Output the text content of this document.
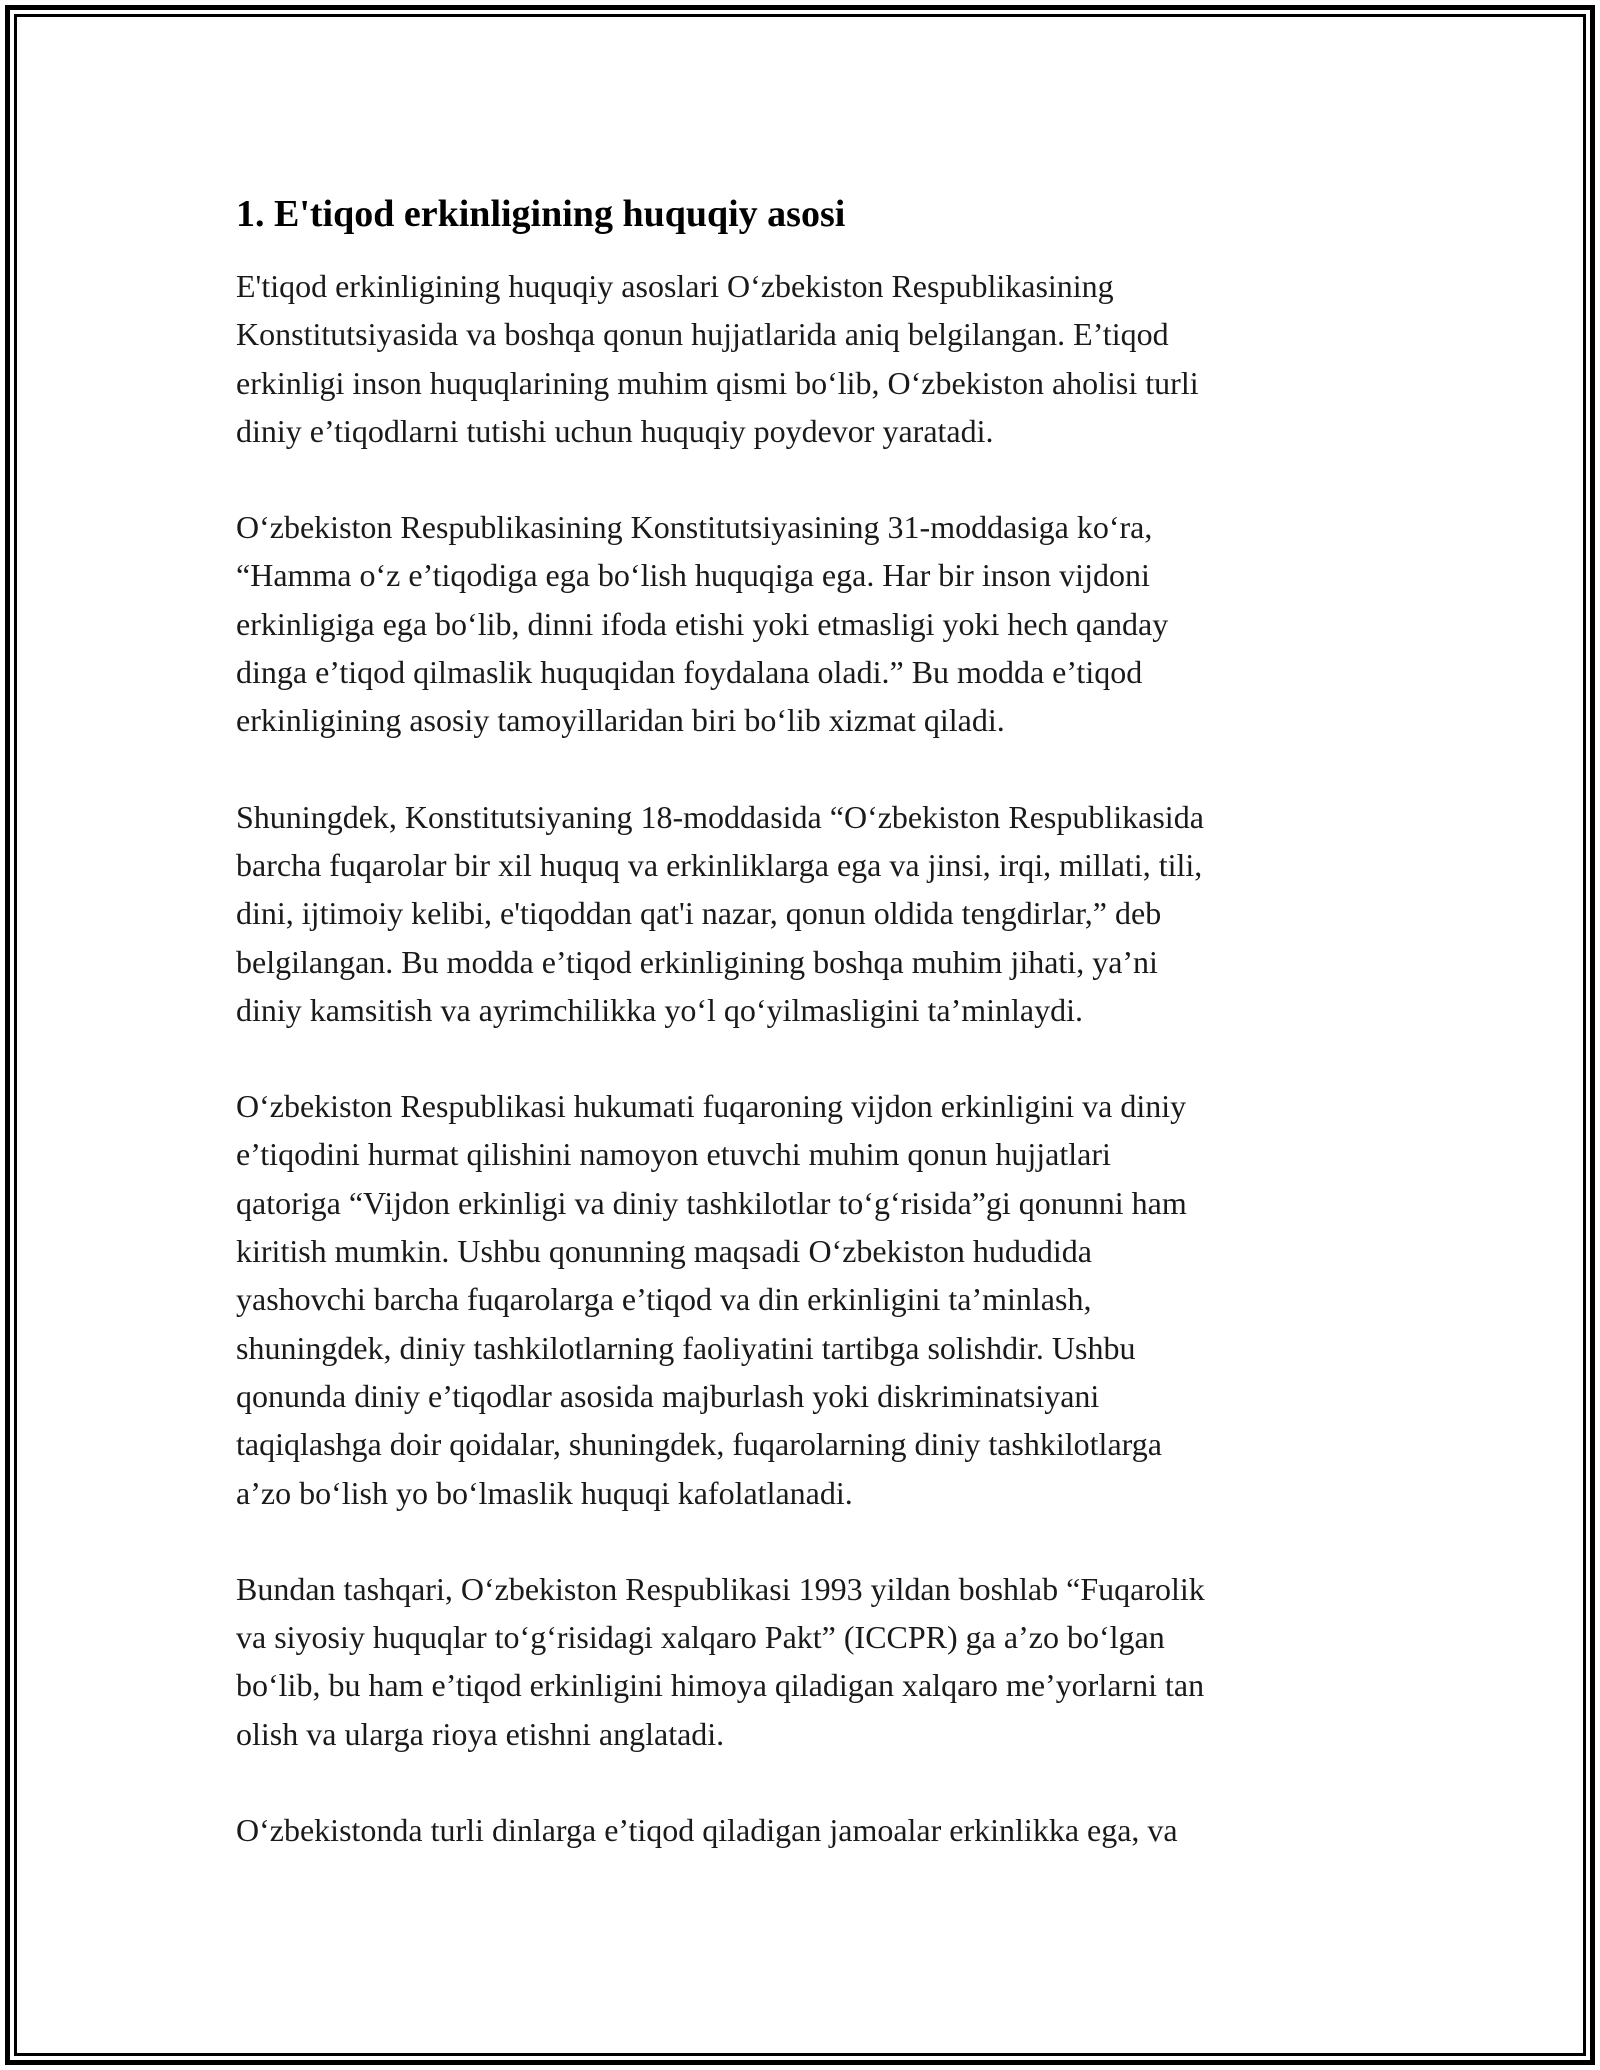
1. E'tiqod erkinligining huquqiy asosi
E'tiqod erkinligining huquqiy asoslari O‘zbekiston Respublikasining
Konstitutsiyasida va boshqa qonun hujjatlarida aniq belgilangan. E’tiqod
erkinligi inson huquqlarining muhim qismi bo‘lib, O‘zbekiston aholisi turli
diniy e’tiqodlarni tutishi uchun huquqiy poydevor yaratadi.
O‘zbekiston Respublikasining Konstitutsiyasining 31-moddasiga ko‘ra,
“Hamma o‘z e’tiqodiga ega bo‘lish huquqiga ega. Har bir inson vijdoni
erkinligiga ega bo‘lib, dinni ifoda etishi yoki etmasligi yoki hech qanday
dinga e’tiqod qilmaslik huquqidan foydalana oladi.” Bu modda e’tiqod
erkinligining asosiy tamoyillaridan biri bo‘lib xizmat qiladi.
Shuningdek, Konstitutsiyaning 18-moddasida “O‘zbekiston Respublikasida
barcha fuqarolar bir xil huquq va erkinliklarga ega va jinsi, irqi, millati, tili,
dini, ijtimoiy kelibi, e'tiqoddan qat'i nazar, qonun oldida tengdirlar,” deb
belgilangan. Bu modda e’tiqod erkinligining boshqa muhim jihati, ya’ni
diniy kamsitish va ayrimchilikka yo‘l qo‘yilmasligini ta’minlaydi.
O‘zbekiston Respublikasi hukumati fuqaroning vijdon erkinligini va diniy
e’tiqodini hurmat qilishini namoyon etuvchi muhim qonun hujjatlari
qatoriga “Vijdon erkinligi va diniy tashkilotlar to‘g‘risida”gi qonunni ham
kiritish mumkin. Ushbu qonunning maqsadi O‘zbekiston hududida
yashovchi barcha fuqarolarga e’tiqod va din erkinligini ta’minlash,
shuningdek, diniy tashkilotlarning faoliyatini tartibga solishdir. Ushbu
qonunda diniy e’tiqodlar asosida majburlash yoki diskriminatsiyani
taqiqlashga doir qoidalar, shuningdek, fuqarolarning diniy tashkilotlarga
a’zo bo‘lish yo bo‘lmaslik huquqi kafolatlanadi.
Bundan tashqari, O‘zbekiston Respublikasi 1993 yildan boshlab “Fuqarolik
va siyosiy huquqlar to‘g‘risidagi xalqaro Pakt” (ICCPR) ga a’zo bo‘lgan
bo‘lib, bu ham e’tiqod erkinligini himoya qiladigan xalqaro me’yorlarni tan
olish va ularga rioya etishni anglatadi.
O‘zbekistonda turli dinlarga e’tiqod qiladigan jamoalar erkinlikka ega, va
